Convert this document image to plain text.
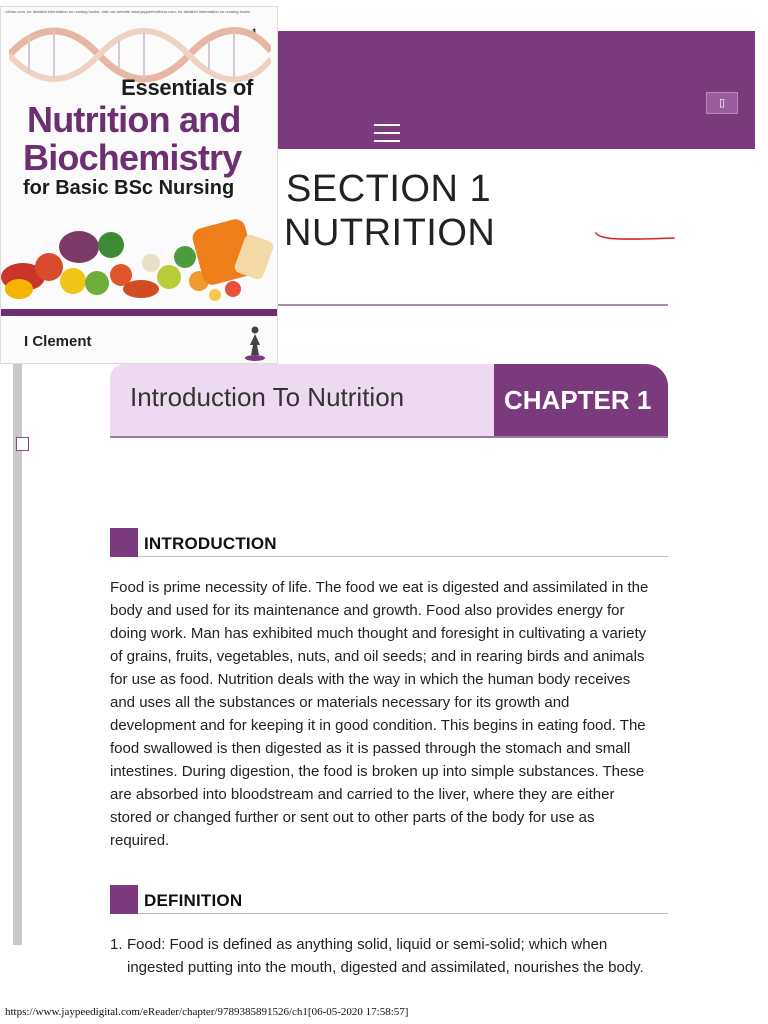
▯
...idhan.com, for detailed information on nursing books, visit our website www.jaypeebrothers.com, for detailed information on nursing books
1
Essentials of
Nutrition and
Biochemistry
for Basic BSc Nursing
I Clement
SECTION 1
NUTRITION
Introduction To Nutrition	CHAPTER 1
INTRODUCTION

Food is prime necessity of life. The food we eat is digested and assimilated in the

body and used for its maintenance and growth. Food also provides energy for

doing work. Man has exhibited much thought and foresight in cultivating a variety

of grains, fruits, vegetables, nuts, and oil seeds; and in rearing birds and animals

for use as food. Nutrition deals with the way in which the human body receives

and uses all the substances or materials necessary for its growth and

development and for keeping it in good condition. This begins in eating food. The

food swallowed is then digested as it is passed through the stomach and small

intestines. During digestion, the food is broken up into simple substances. These

are absorbed into bloodstream and carried to the liver, where they are either

stored or changed further or sent out to other parts of the body for use as

required.

DEFINITION
1. Food: Food is defined as anything solid, liquid or semi-solid; which when

ingested putting into the mouth, digested and assimilated, nourishes the body.

https://www.jaypeedigital.com/eReader/chapter/9789385891526/ch1[06-05-2020 17:58:57]
